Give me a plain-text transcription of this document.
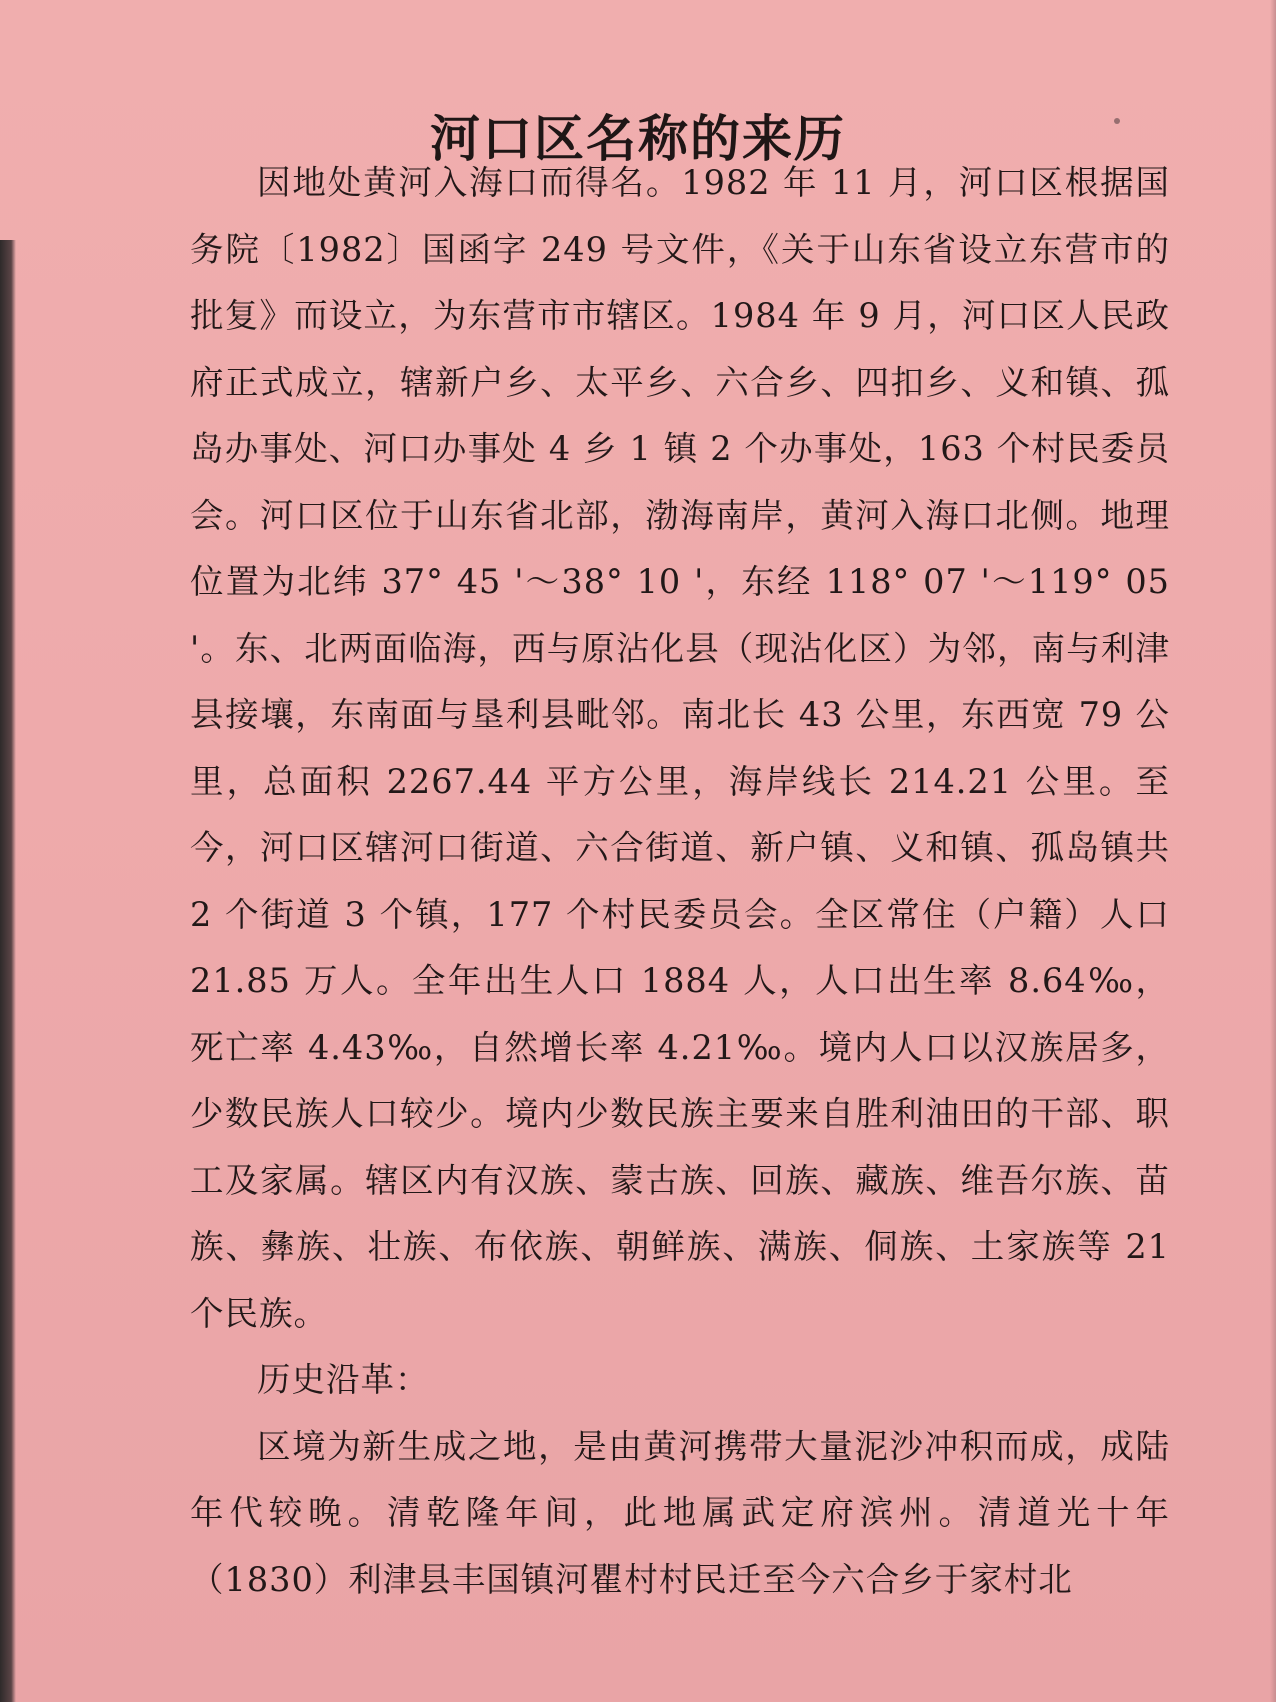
河口区名称的来历

因地处黄河入海口而得名。1982 年 11 月，河口区根据国务院〔1982〕国函字 249 号文件，《关于山东省设立东营市的批复》而设立，为东营市市辖区。1984 年 9 月，河口区人民政府正式成立，辖新户乡、太平乡、六合乡、四扣乡、义和镇、孤岛办事处、河口办事处 4 乡 1 镇 2 个办事处，163 个村民委员会。河口区位于山东省北部，渤海南岸，黄河入海口北侧。地理位置为北纬 37° 45 '～38° 10 '，东经 118° 07 '～119° 05 '。东、北两面临海，西与原沾化县（现沾化区）为邻，南与利津县接壤，东南面与垦利县毗邻。南北长 43 公里，东西宽 79 公里，总面积 2267.44 平方公里，海岸线长 214.21 公里。至今，河口区辖河口街道、六合街道、新户镇、义和镇、孤岛镇共 2 个街道 3 个镇，177 个村民委员会。全区常住（户籍）人口 21.85 万人。全年出生人口 1884 人，人口出生率 8.64‰，死亡率 4.43‰，自然增长率 4.21‰。境内人口以汉族居多，少数民族人口较少。境内少数民族主要来自胜利油田的干部、职工及家属。辖区内有汉族、蒙古族、回族、藏族、维吾尔族、苗族、彝族、壮族、布依族、朝鲜族、满族、侗族、土家族等 21 个民族。

历史沿革：

区境为新生成之地，是由黄河携带大量泥沙冲积而成，成陆年代较晚。清乾隆年间，此地属武定府滨州。清道光十年（1830）利津县丰国镇河瞿村村民迁至今六合乡于家村北
